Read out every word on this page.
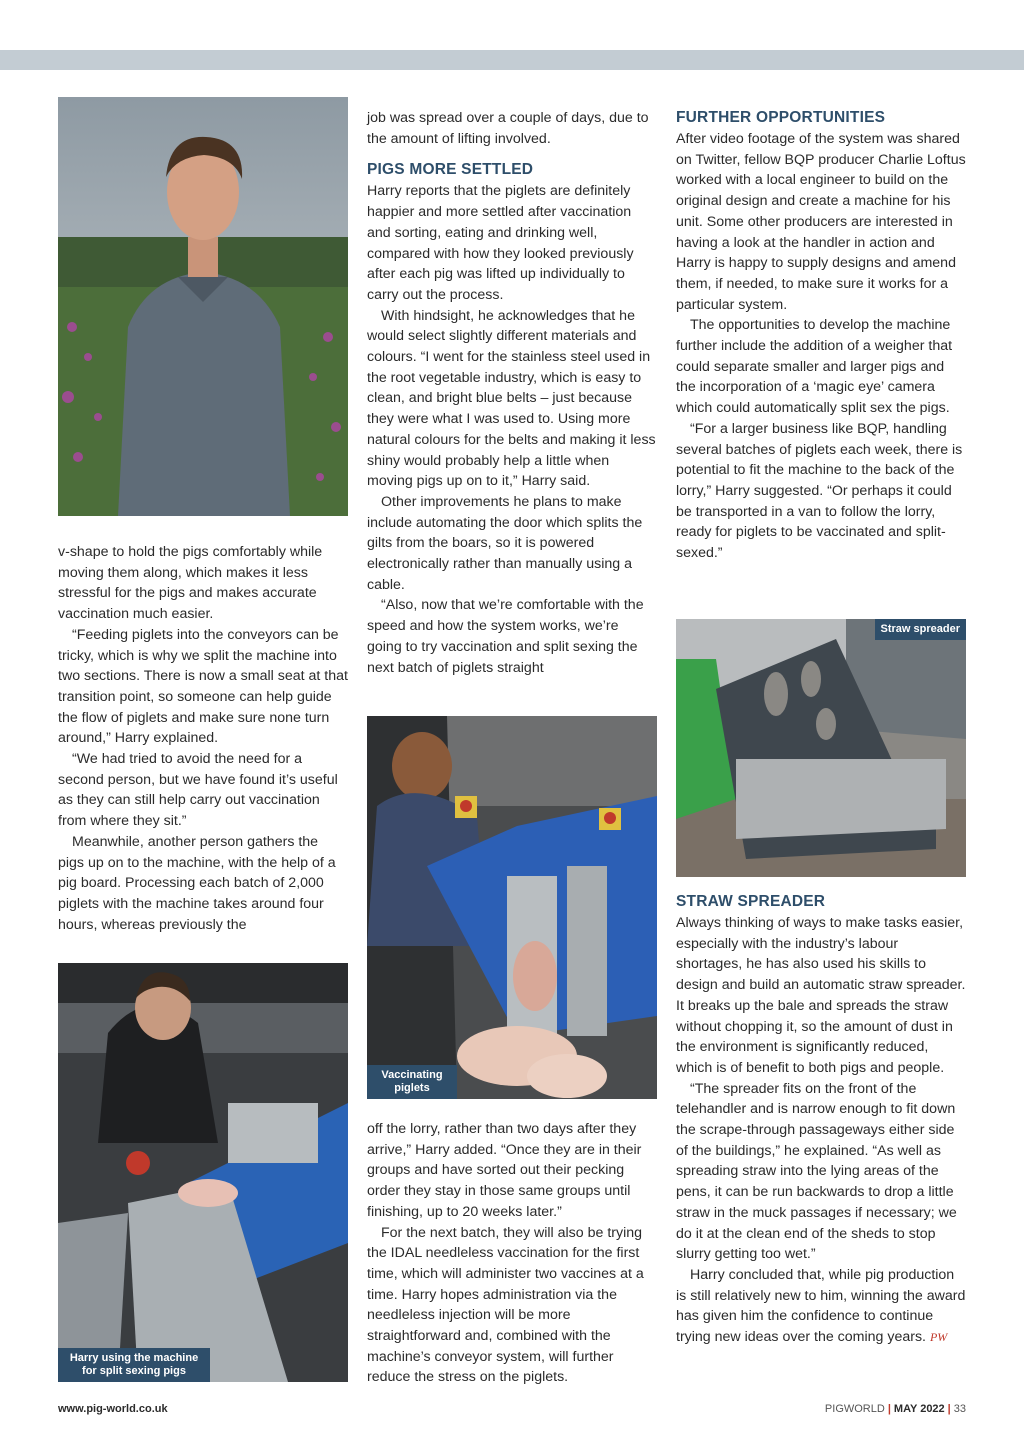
v-shape to hold the pigs comfortably while moving them along, which makes it less stressful for the pigs and makes accurate vaccination much easier.

“Feeding piglets into the conveyors can be tricky, which is why we split the machine into two sections. There is now a small seat at that transition point, so someone can help guide the flow of piglets and make sure none turn around,” Harry explained.

“We had tried to avoid the need for a second person, but we have found it’s useful as they can still help carry out vaccination from where they sit.”

Meanwhile, another person gathers the pigs up on to the machine, with the help of a pig board. Processing each batch of 2,000 piglets with the machine takes around four hours, whereas previously the

Harry using the machine for split sexing pigs

job was spread over a couple of days, due to the amount of lifting involved.

PIGS MORE SETTLED

Harry reports that the piglets are definitely happier and more settled after vaccination and sorting, eating and drinking well, compared with how they looked previously after each pig was lifted up individually to carry out the process.

With hindsight, he acknowledges that he would select slightly different materials and colours. “I went for the stainless steel used in the root vegetable industry, which is easy to clean, and bright blue belts – just because they were what I was used to. Using more natural colours for the belts and making it less shiny would probably help a little when moving pigs up on to it,” Harry said.

Other improvements he plans to make include automating the door which splits the gilts from the boars, so it is powered electronically rather than manually using a cable.

“Also, now that we’re comfortable with the speed and how the system works, we’re going to try vaccination and split sexing the next batch of piglets straight

Vaccinating piglets

off the lorry, rather than two days after they arrive,” Harry added. “Once they are in their groups and have sorted out their pecking order they stay in those same groups until finishing, up to 20 weeks later.”

For the next batch, they will also be trying the IDAL needleless vaccination for the first time, which will administer two vaccines at a time. Harry hopes administration via the needleless injection will be more straightforward and, combined with the machine’s conveyor system, will further reduce the stress on the piglets.

FURTHER OPPORTUNITIES

After video footage of the system was shared on Twitter, fellow BQP producer Charlie Loftus worked with a local engineer to build on the original design and create a machine for his unit. Some other producers are interested in having a look at the handler in action and Harry is happy to supply designs and amend them, if needed, to make sure it works for a particular system.

The opportunities to develop the machine further include the addition of a weigher that could separate smaller and larger pigs and the incorporation of a ‘magic eye’ camera which could automatically split sex the pigs.

“For a larger business like BQP, handling several batches of piglets each week, there is potential to fit the machine to the back of the lorry,” Harry suggested. “Or perhaps it could be transported in a van to follow the lorry, ready for piglets to be vaccinated and split-sexed.”

Straw spreader
STRAW SPREADER

Always thinking of ways to make tasks easier, especially with the industry’s labour shortages, he has also used his skills to design and build an automatic straw spreader. It breaks up the bale and spreads the straw without chopping it, so the amount of dust in the environment is significantly reduced, which is of benefit to both pigs and people.

“The spreader fits on the front of the telehandler and is narrow enough to fit down the scrape-through passageways either side of the buildings,” he explained. “As well as spreading straw into the lying areas of the pens, it can be run backwards to drop a little straw in the muck passages if necessary; we do it at the clean end of the sheds to stop slurry getting too wet.”

Harry concluded that, while pig production is still relatively new to him, winning the award has given him the confidence to continue trying new ideas over the coming years. PW

www.pig-world.co.uk	PIGWORLD | MAY 2022 | 33
